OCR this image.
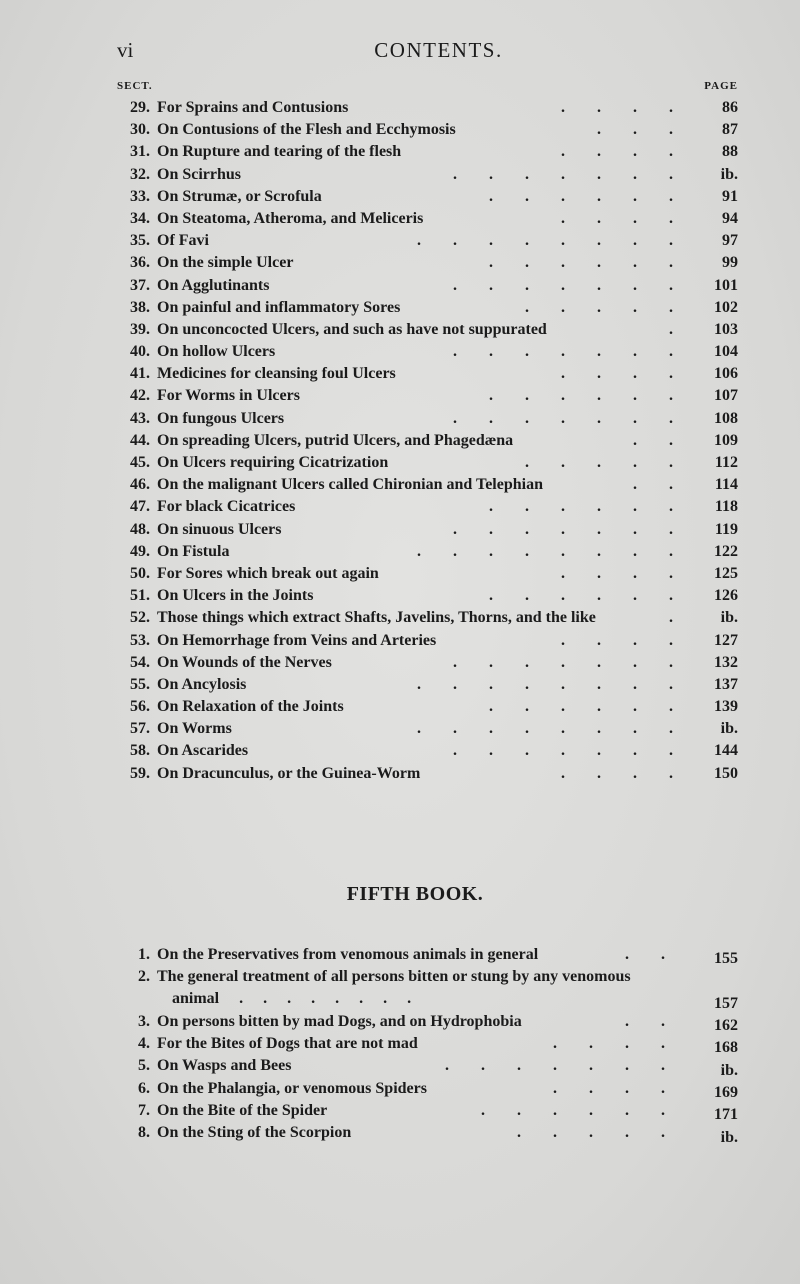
vi	CONTENTS.
SECT.	PAGE
29. For Sprains and Contusions	.     .     .     .	86
30. On Contusions of the Flesh and Ecchymosis	.     .     .	87
31. On Rupture and tearing of the flesh	.     .     .     .	88
32. On Scirrhus	.     .     .     .     .     .     .	ib.
33. On Strumæ, or Scrofula	.     .     .     .     .     .	91
34. On Steatoma, Atheroma, and Meliceris	.     .     .     .	94
35. Of Favi	.     .     .     .     .     .     .     .	97
36. On the simple Ulcer	.     .     .     .     .     .	99
37. On Agglutinants	.     .     .     .     .     .     .	101
38. On painful and inflammatory Sores	.     .     .     .     .	102
39. On unconcocted Ulcers, and such as have not suppurated	.	103
40. On hollow Ulcers	.     .     .     .     .     .     .	104
41. Medicines for cleansing foul Ulcers	.     .     .     .	106
42. For Worms in Ulcers	.     .     .     .     .     .	107
43. On fungous Ulcers	.     .     .     .     .     .     .	108
44. On spreading Ulcers, putrid Ulcers, and Phagedæna	.     .	109
45. On Ulcers requiring Cicatrization	.     .     .     .     .	112
46. On the malignant Ulcers called Chironian and Telephian	.     .	114
47. For black Cicatrices	.     .     .     .     .     .	118
48. On sinuous Ulcers	.     .     .     .     .     .     .	119
49. On Fistula	.     .     .     .     .     .     .     .	122
50. For Sores which break out again	.     .     .     .	125
51. On Ulcers in the Joints	.     .     .     .     .     .	126
52. Those things which extract Shafts, Javelins, Thorns, and the like	.	ib.
53. On Hemorrhage from Veins and Arteries	.     .     .     .	127
54. On Wounds of the Nerves	.     .     .     .     .     .     .	132
55. On Ancylosis	.     .     .     .     .     .     .     .	137
56. On Relaxation of the Joints	.     .     .     .     .     .	139
57. On Worms	.     .     .     .     .     .     .     .	ib.
58. On Ascarides	.     .     .     .     .     .     .	144
59. On Dracunculus, or the Guinea-Worm	.     .     .     .	150
FIFTH BOOK.
1. On the Preservatives from venomous animals in general	.     .	155
2. The general treatment of all persons bitten or stung by any venomous
animal     .     .     .     .     .     .     .     .	157
3. On persons bitten by mad Dogs, and on Hydrophobia	.     .	162
4. For the Bites of Dogs that are not mad	.     .     .     .	168
5. On Wasps and Bees	.     .     .     .     .     .     .	ib.
6. On the Phalangia, or venomous Spiders	.     .     .     .	169
7. On the Bite of the Spider	.     .     .     .     .     .	171
8. On the Sting of the Scorpion	.     .     .     .     .	ib.
